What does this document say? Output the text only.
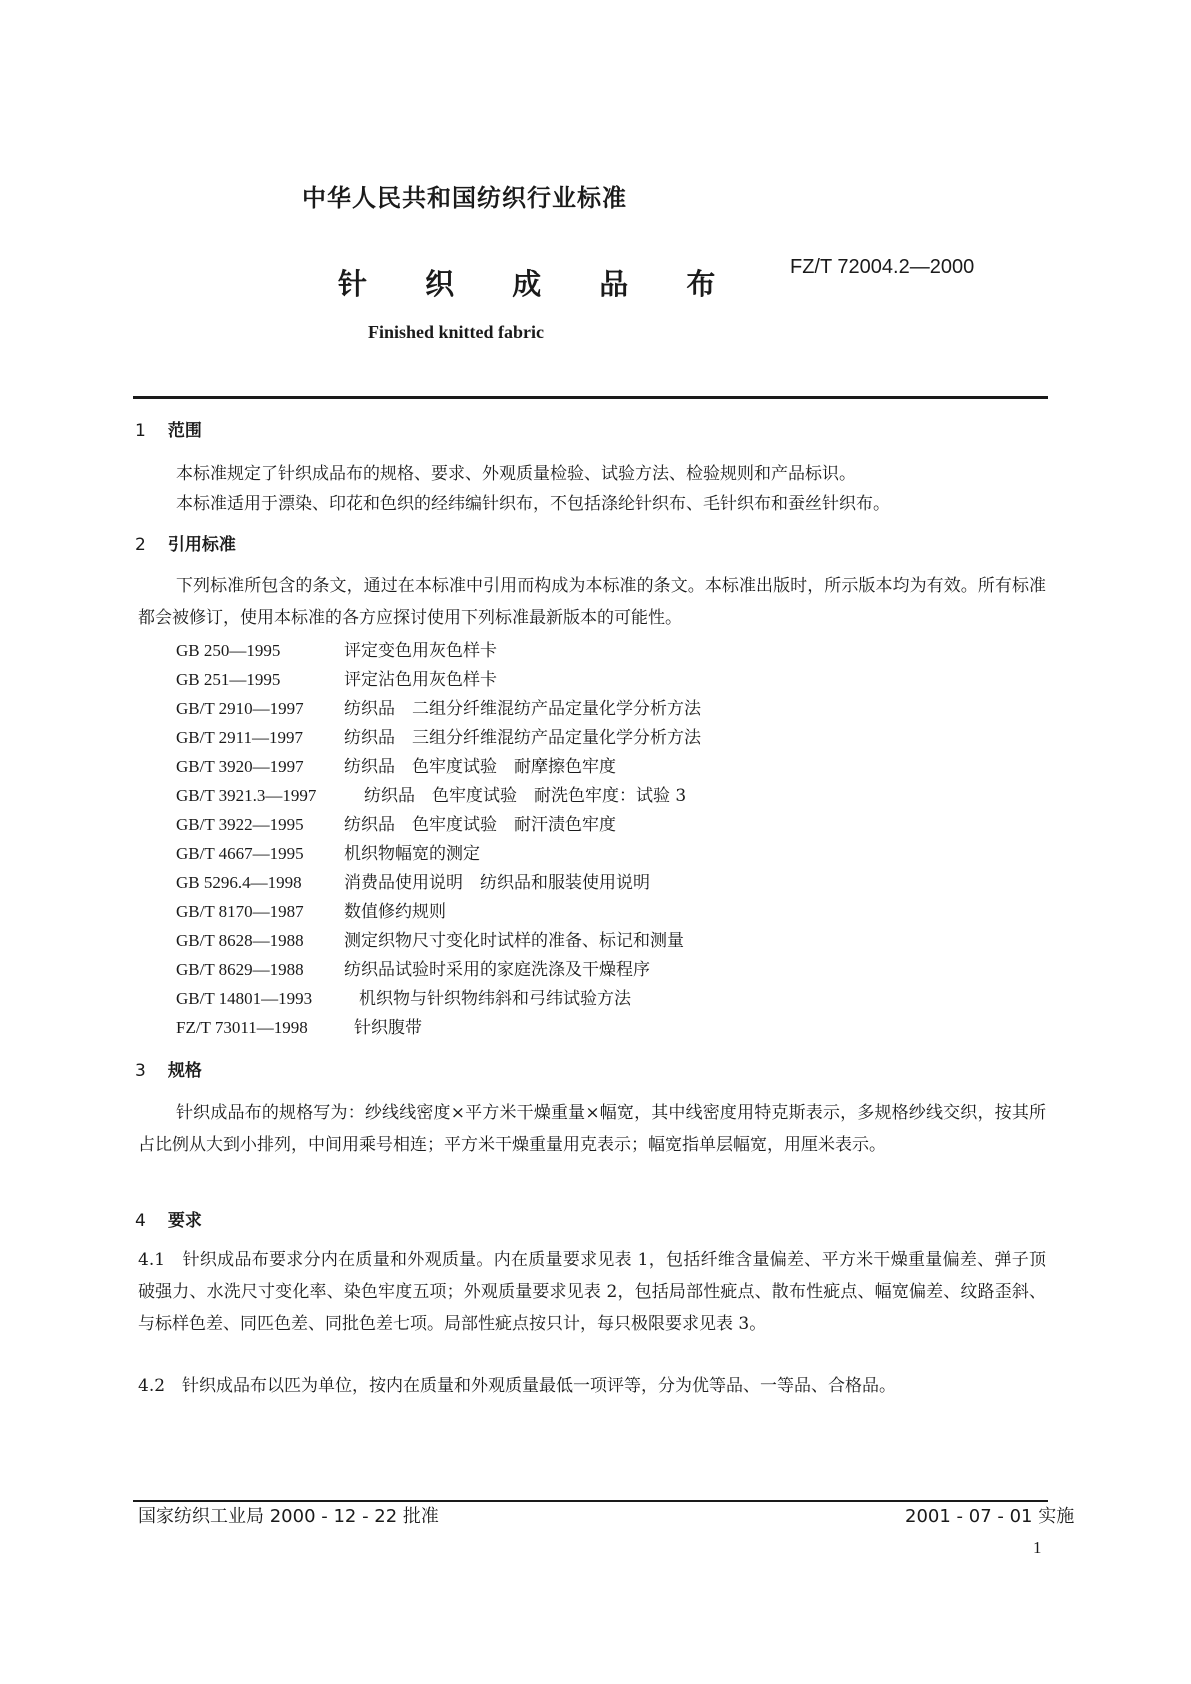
中华人民共和国纺织行业标准
针 织 成 品 布	FZ/T 72004.2—2000
Finished knitted fabric
1 范围
本标准规定了针织成品布的规格、要求、外观质量检验、试验方法、检验规则和产品标识。
本标准适用于漂染、印花和色织的经纬编针织布，不包括涤纶针织布、毛针织布和蚕丝针织布。
2 引用标准
下列标准所包含的条文，通过在本标准中引用而构成为本标准的条文。本标准出版时，所示版本均为有效。所有标准都会被修订，使用本标准的各方应探讨使用下列标准最新版本的可能性。
GB 250—1995	评定变色用灰色样卡
GB 251—1995	评定沾色用灰色样卡
GB/T 2910—1997 纺织品　二组分纤维混纺产品定量化学分析方法
GB/T 2911—1997 纺织品　三组分纤维混纺产品定量化学分析方法
GB/T 3920—1997 纺织品　色牢度试验　耐摩擦色牢度
GB/T 3921.3—1997	纺织品　色牢度试验　耐洗色牢度：试验 3
GB/T 3922—1995 纺织品　色牢度试验　耐汗渍色牢度
GB/T 4667—1995 机织物幅宽的测定
GB 5296.4—1998 消费品使用说明　纺织品和服装使用说明
GB/T 8170—1987 数值修约规则
GB/T 8628—1988 测定织物尺寸变化时试样的准备、标记和测量
GB/T 8629—1988 纺织品试验时采用的家庭洗涤及干燥程序
GB/T 14801—1993	机织物与针织物纬斜和弓纬试验方法
FZ/T 73011—1998	针织腹带
3 规格
针织成品布的规格写为：纱线线密度×平方米干燥重量×幅宽，其中线密度用特克斯表示，多规格纱线交织，按其所占比例从大到小排列，中间用乘号相连；平方米干燥重量用克表示；幅宽指单层幅宽，用厘米表示。
4 要求
4.1　针织成品布要求分内在质量和外观质量。内在质量要求见表 1，包括纤维含量偏差、平方米干燥重量偏差、弹子顶破强力、水洗尺寸变化率、染色牢度五项；外观质量要求见表 2，包括局部性疵点、散布性疵点、幅宽偏差、纹路歪斜、与标样色差、同匹色差、同批色差七项。局部性疵点按只计，每只极限要求见表 3。
4.2　针织成品布以匹为单位，按内在质量和外观质量最低一项评等，分为优等品、一等品、合格品。
国家纺织工业局 2000 - 12 - 22 批准	2001 - 07 - 01 实施
1
